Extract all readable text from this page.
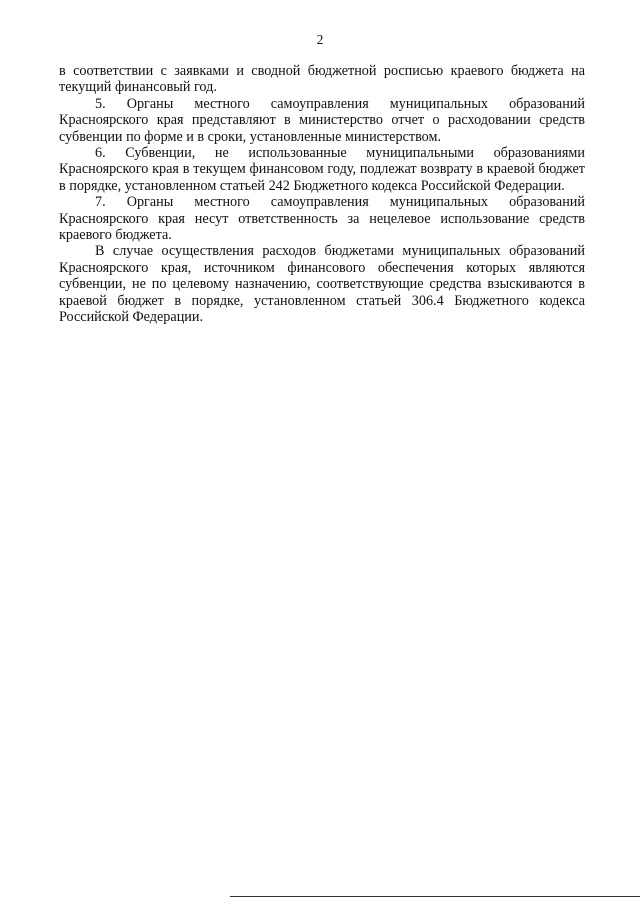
2

в соответствии с заявками и сводной бюджетной росписью краевого бюджета на текущий финансовый год.

5. Органы местного самоуправления муниципальных образований Красноярского края представляют в министерство отчет о расходовании средств субвенции по форме и в сроки, установленные министерством.

6. Субвенции, не использованные муниципальными образованиями Красноярского края в текущем финансовом году, подлежат возврату в краевой бюджет в порядке, установленном статьей 242 Бюджетного кодекса Российской Федерации.

7. Органы местного самоуправления муниципальных образований Красноярского края несут ответственность за нецелевое использование средств краевого бюджета.

В случае осуществления расходов бюджетами муниципальных образований Красноярского края, источником финансового обеспечения которых являются субвенции, не по целевому назначению, соответствующие средства взыскиваются в краевой бюджет в порядке, установленном статьей 306.4 Бюджетного кодекса Российской Федерации.
